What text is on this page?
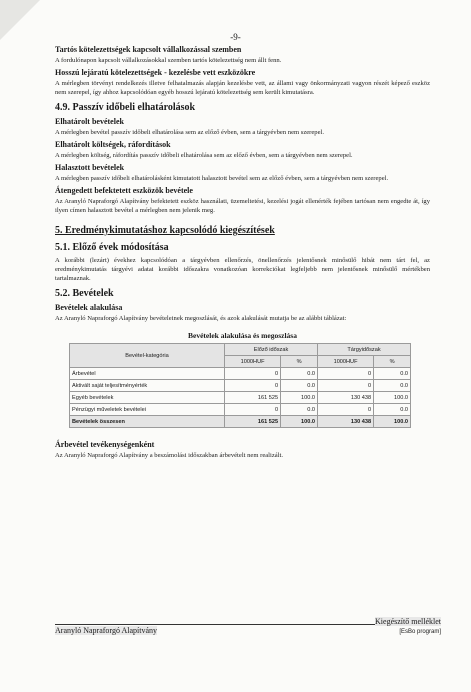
-9-
Tartós kötelezettségek kapcsolt vállalkozással szemben

A fordulónapon kapcsolt vállalkozásokkal szemben tartós kötelezettség nem állt fenn.

Hosszú lejáratú kötelezettségek - kezelésbe vett eszközökre

A mérlegben törvényi rendelkezés illetve felhatalmazás alapján kezelésbe vett, az állami vagy önkormányzati vagyon részét képező eszköz nem szerepel, így ahhoz kapcsolódóan egyéb hosszú lejáratú kötelezettség sem került kimutatásra.

4.9. Passzív időbeli elhatárolások
Elhatárolt bevételek

A mérlegben bevétel passzív időbeli elhatárolása sem az előző évben, sem a tárgyévben nem szerepel.

Elhatárolt költségek, ráfordítások

A mérlegben költség, ráfordítás passzív időbeli elhatárolása sem az előző évben, sem a tárgyévben nem szerepel.

Halasztott bevételek

A mérlegben passzív időbeli elhatárolásként kimutatott halasztott bevétel sem az előző évben, sem a tárgyévben nem szerepel.

Átengedett befektetett eszközök bevétele

Az Aranyló Napraforgó Alapítvány befektetett eszköz használati, üzemeltetési, kezelési jogát ellenérték fejében tartósan nem engedte át, így ilyen címen halasztott bevétel a mérlegben nem jelenik meg.

5. Eredménykimutatáshoz kapcsolódó kiegészítések
5.1. Előző évek módosítása

A korábbi (lezárt) évekhez kapcsolódóan a tárgyévben ellenőrzés, önellenőrzés jelentősnek minősülő hibát nem tárt fel, az eredménykimutatás tárgyévi adatai korábbi időszakra vonatkozóan korrekciókat legfeljebb nem jelentősnek minősülő mértékben tartalmaznak.

5.2. Bevételek
Bevételek alakulása

Az Aranyló Napraforgó Alapítvány bevételeinek megoszlását, és azok alakulását mutatja be az alábbi táblázat:

Bevételek alakulása és megoszlása
Bevétel-kategória	Előző időszak		Tárgyidőszak	
	1000HUF	%	1000HUF	%
Árbevétel	0	0.0	0	0.0
Aktivált saját teljesítményérték	0	0.0	0	0.0
Egyéb bevételek	161 525	100.0	130 438	100.0
Pénzügyi műveletek bevételei	0	0.0	0	0.0
Bevételek összesen	161 525	100.0	130 438	100.0
Árbevétel tevékenységenként

Az Aranyló Napraforgó Alapítvány a beszámolási időszakban árbevételt nem realizált.

Aranyló Napraforgó Alapítvány
Kiegészítő melléklet
[EsBo program]
